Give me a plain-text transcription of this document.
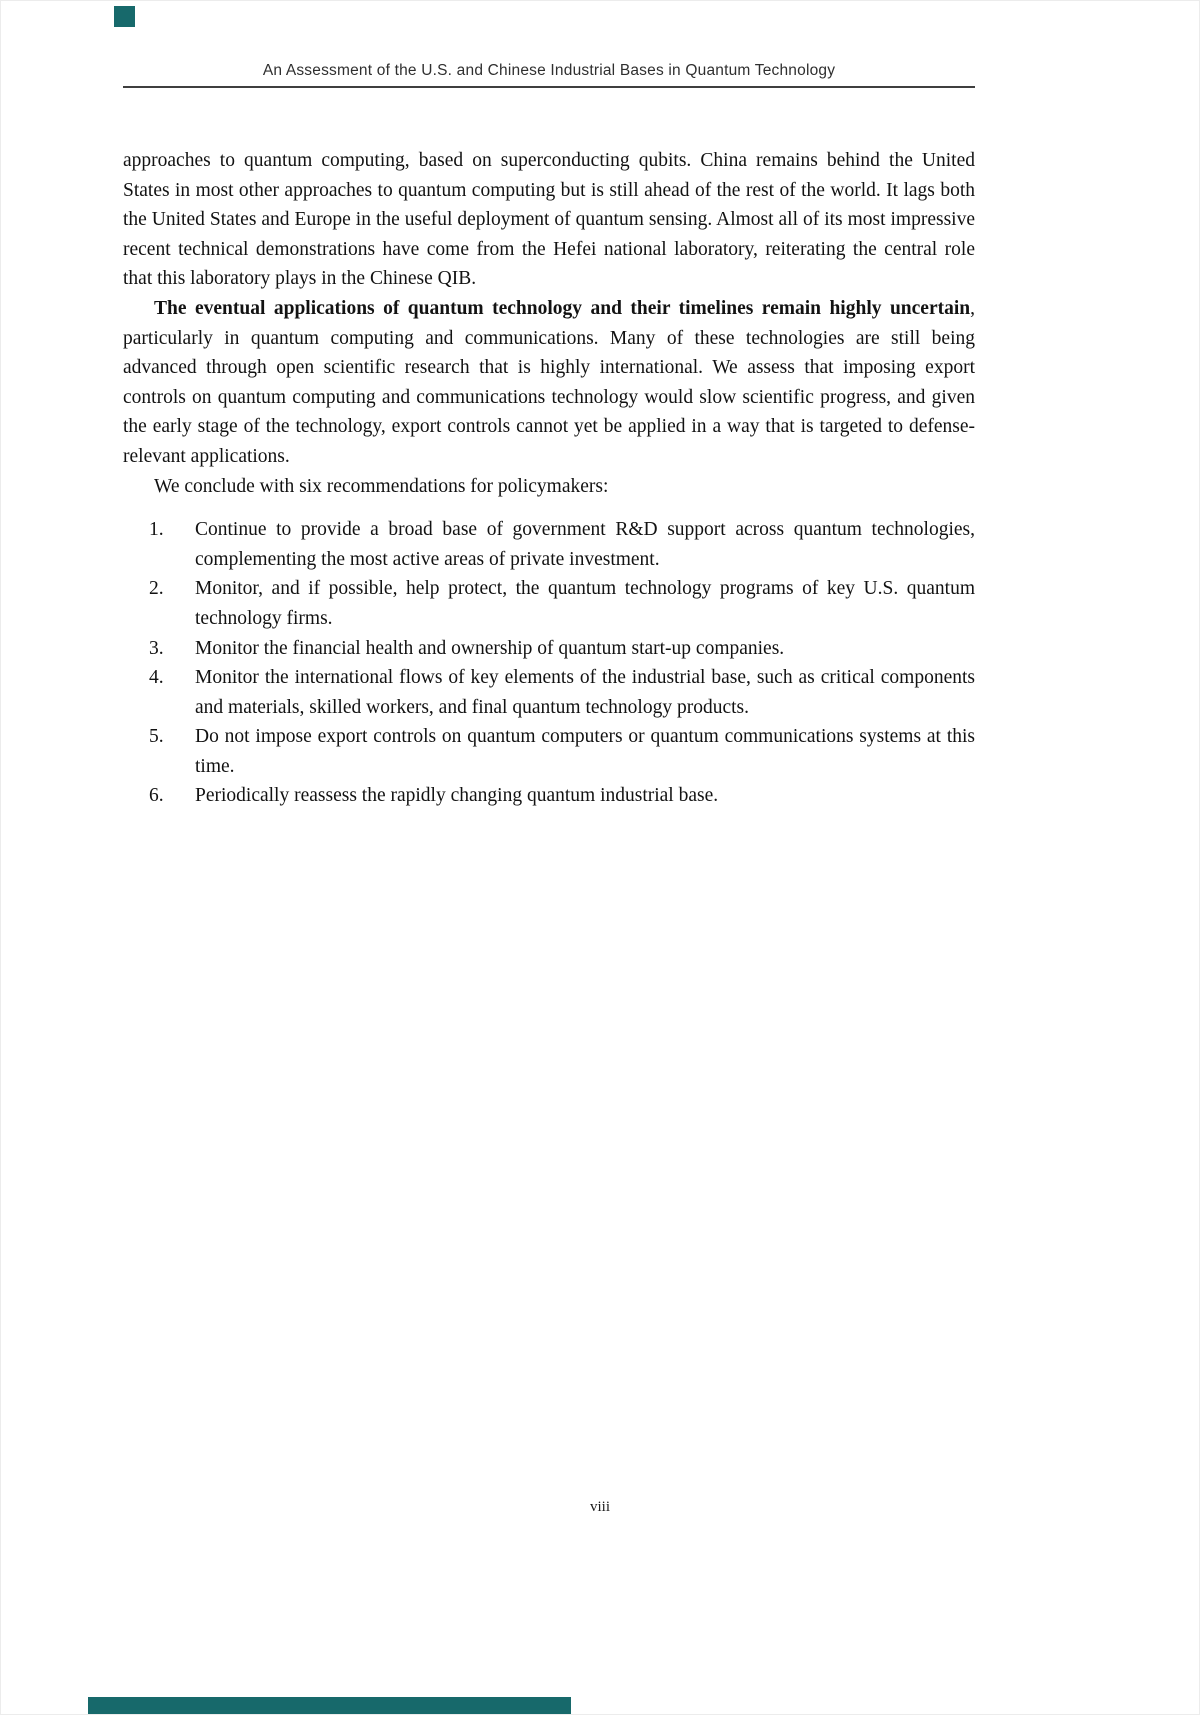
An Assessment of the U.S. and Chinese Industrial Bases in Quantum Technology

approaches to quantum computing, based on superconducting qubits. China remains behind the United States in most other approaches to quantum computing but is still ahead of the rest of the world. It lags both the United States and Europe in the useful deployment of quantum sensing. Almost all of its most impressive recent technical demonstrations have come from the Hefei national laboratory, reiterating the central role that this laboratory plays in the Chinese QIB.

The eventual applications of quantum technology and their timelines remain highly uncertain, particularly in quantum computing and communications. Many of these technologies are still being advanced through open scientific research that is highly international. We assess that imposing export controls on quantum computing and communications technology would slow scientific progress, and given the early stage of the technology, export controls cannot yet be applied in a way that is targeted to defense-relevant applications.

We conclude with six recommendations for policymakers:

1.	Continue to provide a broad base of government R&D support across quantum technologies, complementing the most active areas of private investment.
2.	Monitor, and if possible, help protect, the quantum technology programs of key U.S. quantum technology firms.
3.	Monitor the financial health and ownership of quantum start-up companies.
4.	Monitor the international flows of key elements of the industrial base, such as critical components and materials, skilled workers, and final quantum technology products.
5.	Do not impose export controls on quantum computers or quantum communications systems at this time.
6.	Periodically reassess the rapidly changing quantum industrial base.
viii
